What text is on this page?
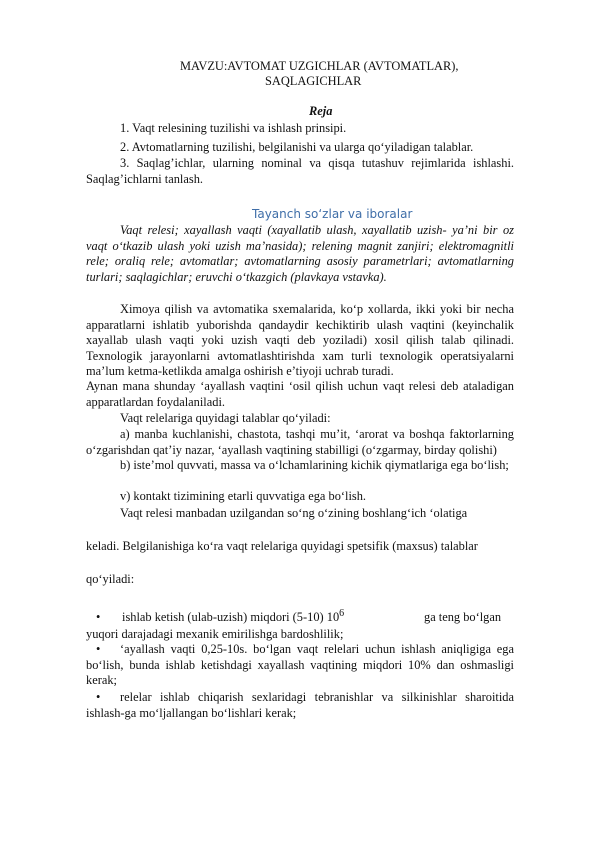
MAVZU:AVTOMAT UZGICHLAR (AVTOMATLAR),
SAQLAGICHLAR
Reja
1. Vaqt relesining tuzilishi va ishlash prinsipi.
2. Avtomatlarning tuzilishi, belgilanishi va ularga qo‘yiladigan talablar.
3. Saqlag’ichlar, ularning nominal va qisqa tutashuv rejimlarida ishlashi. Saqlag’ichlarni tanlash.
Tayanch so‘zlar va iboralar
Vaqt relesi; xayallash vaqti (xayallatib ulash, xayallatib uzish- ya’ni bir oz vaqt o‘tkazib ulash yoki uzish ma’nasida); relening magnit zanjiri; elektromagnitli rele; oraliq rele; avtomatlar; avtomatlarning asosiy parametrlari; avtomatlarning turlari; saqlagichlar; eruvchi o‘tkazgich (plavkaya vstavka).
Ximoya qilish va avtomatika sxemalarida, ko‘p xollarda, ikki yoki bir necha apparatlarni ishlatib yuborishda qandaydir kechiktirib ulash vaqtini (keyinchalik xayallab ulash vaqti yoki uzish vaqti deb yoziladi) xosil qilish talab qilinadi. Texnologik jarayonlarni avtomatlashtirishda xam turli texnologik operatsiyalarni ma’lum ketma-ketlikda amalga oshirish e’tiyoji uchrab turadi.
Aynan mana shunday ‘ayallash vaqtini ‘osil qilish uchun vaqt relesi deb ataladigan apparatlardan foydalaniladi.
Vaqt relelariga quyidagi talablar qo‘yiladi:
a) manba kuchlanishi, chastota, tashqi mu’it, ‘arorat va boshqa faktorlarning o‘zgarishdan qat’iy nazar, ‘ayallash vaqtining stabilligi (o‘zgarmay, birday qolishi)
b) iste’mol quvvati, massa va o‘lchamlarining kichik qiymatlariga ega bo‘lish;
v) kontakt tizimining etarli quvvatiga ega bo‘lish.
Vaqt relesi manbadan uzilgandan so‘ng o‘zining boshlang‘ich ‘olatiga
keladi. Belgilanishiga ko‘ra vaqt relelariga quyidagi spetsifik (maxsus) talablar
qo‘yiladi:
• ishlab ketish (ulab-uzish) miqdori (5-10) $10^6$	ga teng bo‘lgan
yuqori darajadagi mexanik emirilishga bardoshlilik;
•	‘ayallash vaqti 0,25-10s. bo‘lgan vaqt relelari uchun ishlash aniqligiga ega bo‘lish, bunda ishlab ketishdagi xayallash vaqtining miqdori 10% dan oshmasligi kerak;
•	relelar ishlab chiqarish sexlaridagi tebranishlar va silkinishlar sharoitida ishlash-ga mo‘ljallangan bo‘lishlari kerak;
